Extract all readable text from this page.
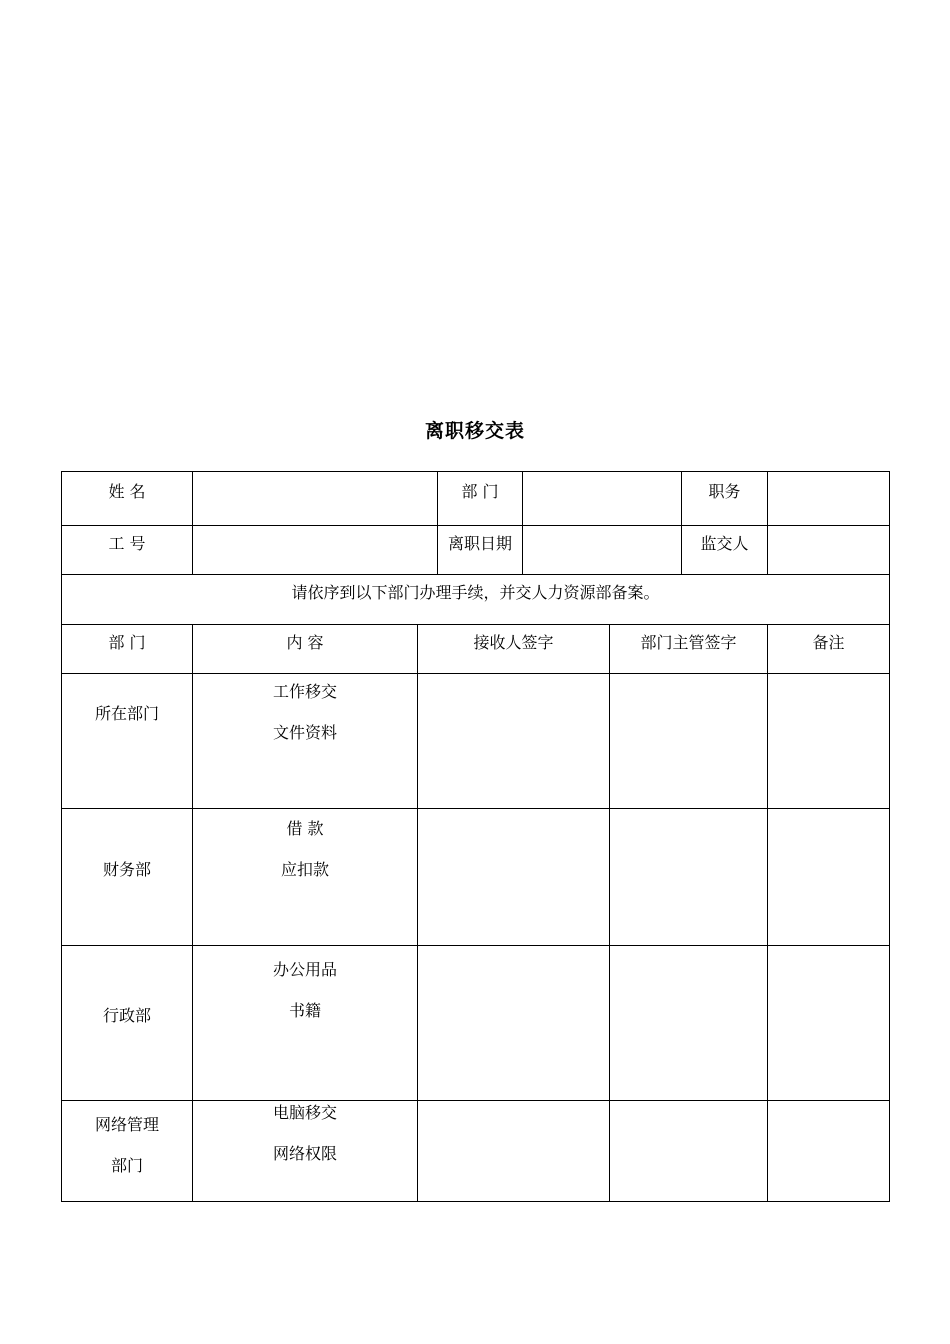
离职移交表
姓 名			部 门			职务	

工 号			离职日期			监交人	

请依序到以下部门办理手续，并交人力资源部备案。							

部 门	内 容	接收人签字			部门主管签字		备注

所在部门	工作移交
文件资料						

财务部	借 款
应扣款						

行政部	办公用品
书籍						

网络管理
部门	电脑移交
网络权限						
